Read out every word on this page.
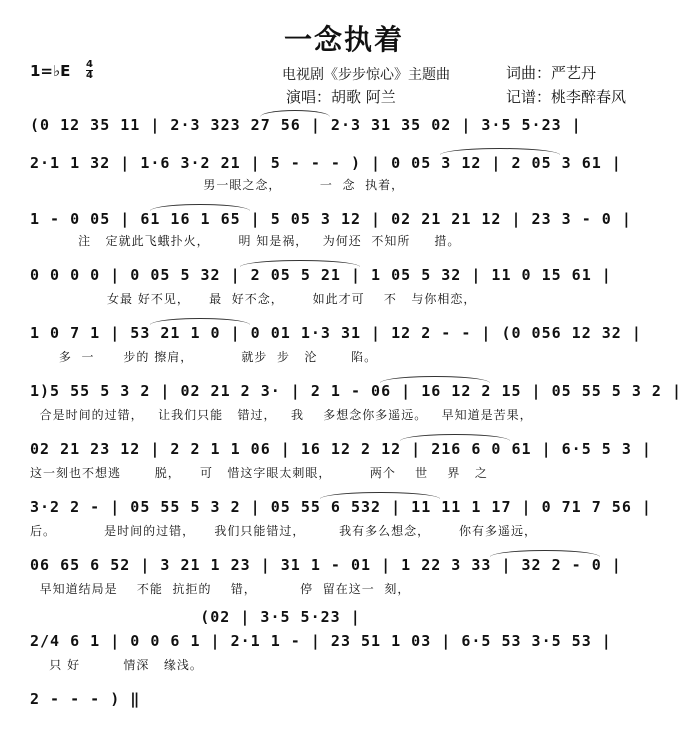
一念执着
1=♭E 4
4	电视剧《步步惊心》主题曲	词曲：严艺丹
演唱：胡歌 阿兰	记谱：桃李醉春风
(0 12 35 11 | 2·3 323 27 56 | 2·3 31 35 02 | 3·5 5·23 |
2·1 1 32 | 1·6 3·2 21 | 5 - - - ) | 0 05 3 12 | 2 05 3 61 |
男一眼之念，        一  念  执着，
1 - 0 05 | 61 16 1 65 | 5 05 3 12 | 02 21 21 12 | 23 3 - 0 |
注   定就此飞蛾扑火，      明 知是祸，   为何还  不知所     措。
0 0 0 0 | 0 05 5 32 | 2 05 5 21 | 1 05 5 32 | 11 0 15 61 |
女最 好不见，    最  好不念，      如此才可    不   与你相恋，
1 0 7 1 | 53 21 1 0 | 0 01 1·3 31 | 12 2 - - | (0 056 12 32 |
多  一      步的 擦肩，          就步  步   沦       陷。
1)5 55 5 3 2 | 02 21 2 3· | 2 1 - 06 | 16 12 2 15 | 05 55 5 3 2 |
合是时间的过错，   让我们只能   错过，   我    多想念你多遥远。   早知道是苦果，
02 21 23 12 | 2 2 1 1 06 | 16 12 2 12 | 216 6 0 61 | 6·5 5 3 |
这一刻也不想逃       脱，    可   惜这字眼太刺眼，        两个    世    界   之
3·2 2 - | 05 55 5 3 2 | 05 55 6 532 | 11 11 1 17 | 0 71 7 56 |
后。          是时间的过错，    我们只能错过，       我有多么想念，      你有多遥远，
06 65 6 52 | 3 21 1 23 | 31 1 - 01 | 1 22 3 33 | 32 2 - 0 |
早知道结局是    不能  抗拒的    错，         停  留在这一  刻，
(02 | 3·5 5·23 |
2/4 6 1 | 0 0 6 1 | 2·1 1 - | 23 51 1 03 | 6·5 53 3·5 53 |
只 好         情深   缘浅。
2 - - - ) ‖
